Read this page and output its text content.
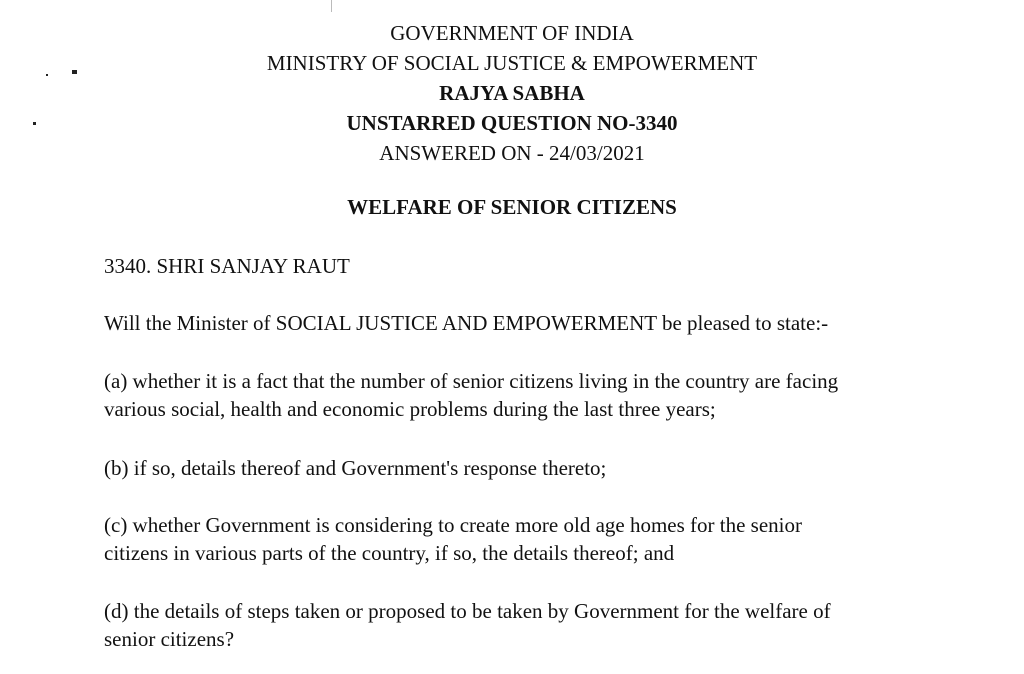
GOVERNMENT OF INDIA
MINISTRY OF SOCIAL JUSTICE & EMPOWERMENT
RAJYA SABHA
UNSTARRED QUESTION NO-3340
ANSWERED ON - 24/03/2021
WELFARE OF SENIOR CITIZENS

3340. SHRI SANJAY RAUT

Will the Minister of SOCIAL JUSTICE AND EMPOWERMENT be pleased to state:-

(a) whether it is a fact that the number of senior citizens living in the country are facing

various social, health and economic problems during the last three years;

(b) if so, details thereof and Government's response thereto;

(c) whether Government is considering to create more old age homes for the senior

citizens in various parts of the country, if so, the details thereof; and

(d) the details of steps taken or proposed to be taken by Government for the welfare of

senior citizens?
